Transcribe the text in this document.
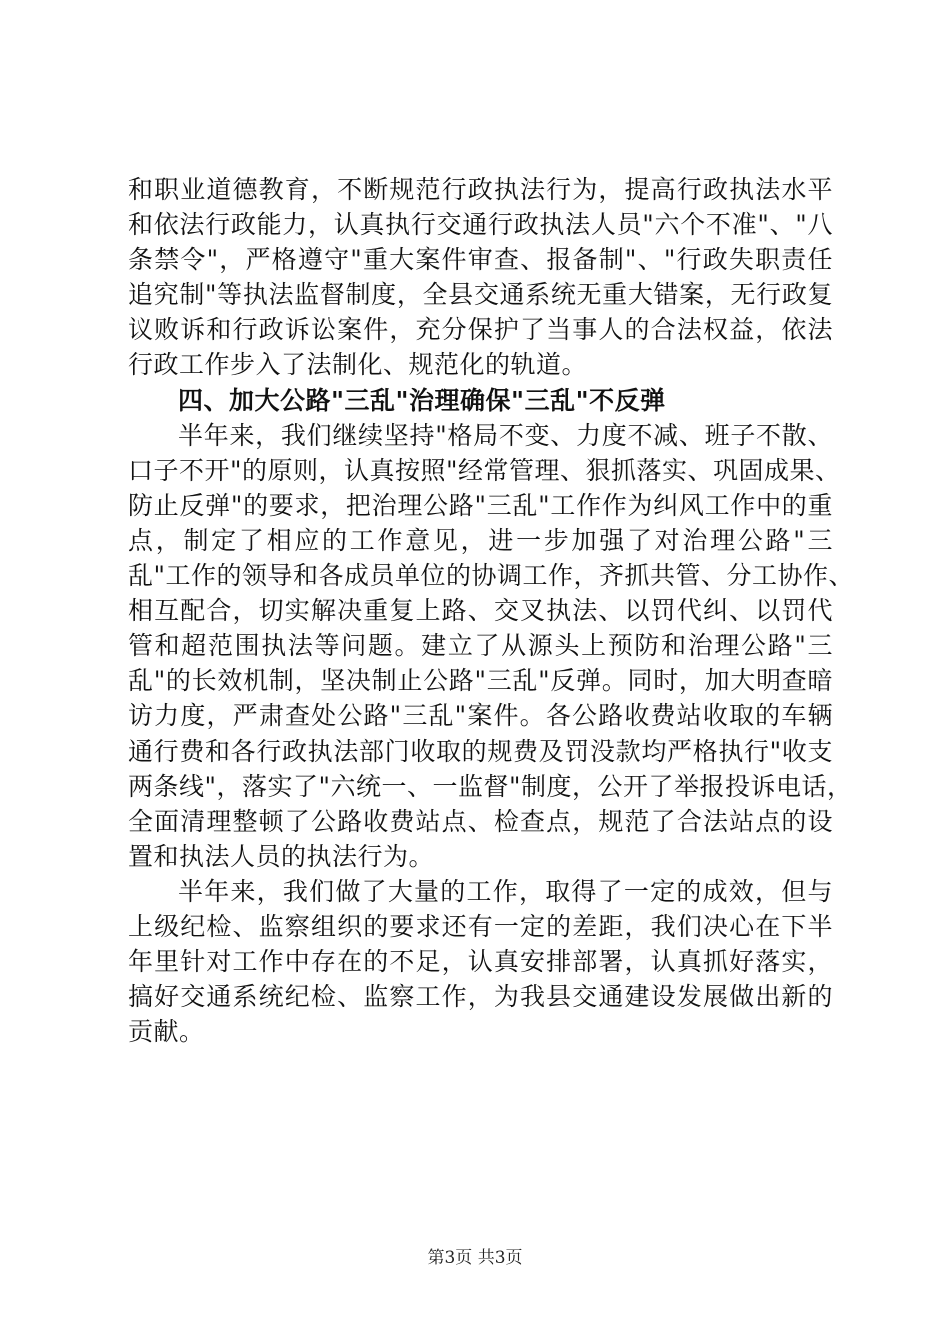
和职业道德教育，不断规范行政执法行为，提高行政执法水平
和依法行政能力，认真执行交通行政执法人员"六个不准"、"八
条禁令"，严格遵守"重大案件审查、报备制"、"行政失职责任
追究制"等执法监督制度，全县交通系统无重大错案，无行政复
议败诉和行政诉讼案件，充分保护了当事人的合法权益，依法
行政工作步入了法制化、规范化的轨道。
四、加大公路"三乱"治理确保"三乱"不反弹
半年来，我们继续坚持"格局不变、力度不减、班子不散、
口子不开"的原则，认真按照"经常管理、狠抓落实、巩固成果、
防止反弹"的要求，把治理公路"三乱"工作作为纠风工作中的重
点，制定了相应的工作意见，进一步加强了对治理公路"三
乱"工作的领导和各成员单位的协调工作，齐抓共管、分工协作、
相互配合，切实解决重复上路、交叉执法、以罚代纠、以罚代
管和超范围执法等问题。建立了从源头上预防和治理公路"三
乱"的长效机制，坚决制止公路"三乱"反弹。同时，加大明查暗
访力度，严肃查处公路"三乱"案件。各公路收费站收取的车辆
通行费和各行政执法部门收取的规费及罚没款均严格执行"收支
两条线"，落实了"六统一、一监督"制度，公开了举报投诉电话，
全面清理整顿了公路收费站点、检查点，规范了合法站点的设
置和执法人员的执法行为。
半年来，我们做了大量的工作，取得了一定的成效，但与
上级纪检、监察组织的要求还有一定的差距，我们决心在下半
年里针对工作中存在的不足，认真安排部署，认真抓好落实，
搞好交通系统纪检、监察工作，为我县交通建设发展做出新的
贡献。
第3页 共3页
